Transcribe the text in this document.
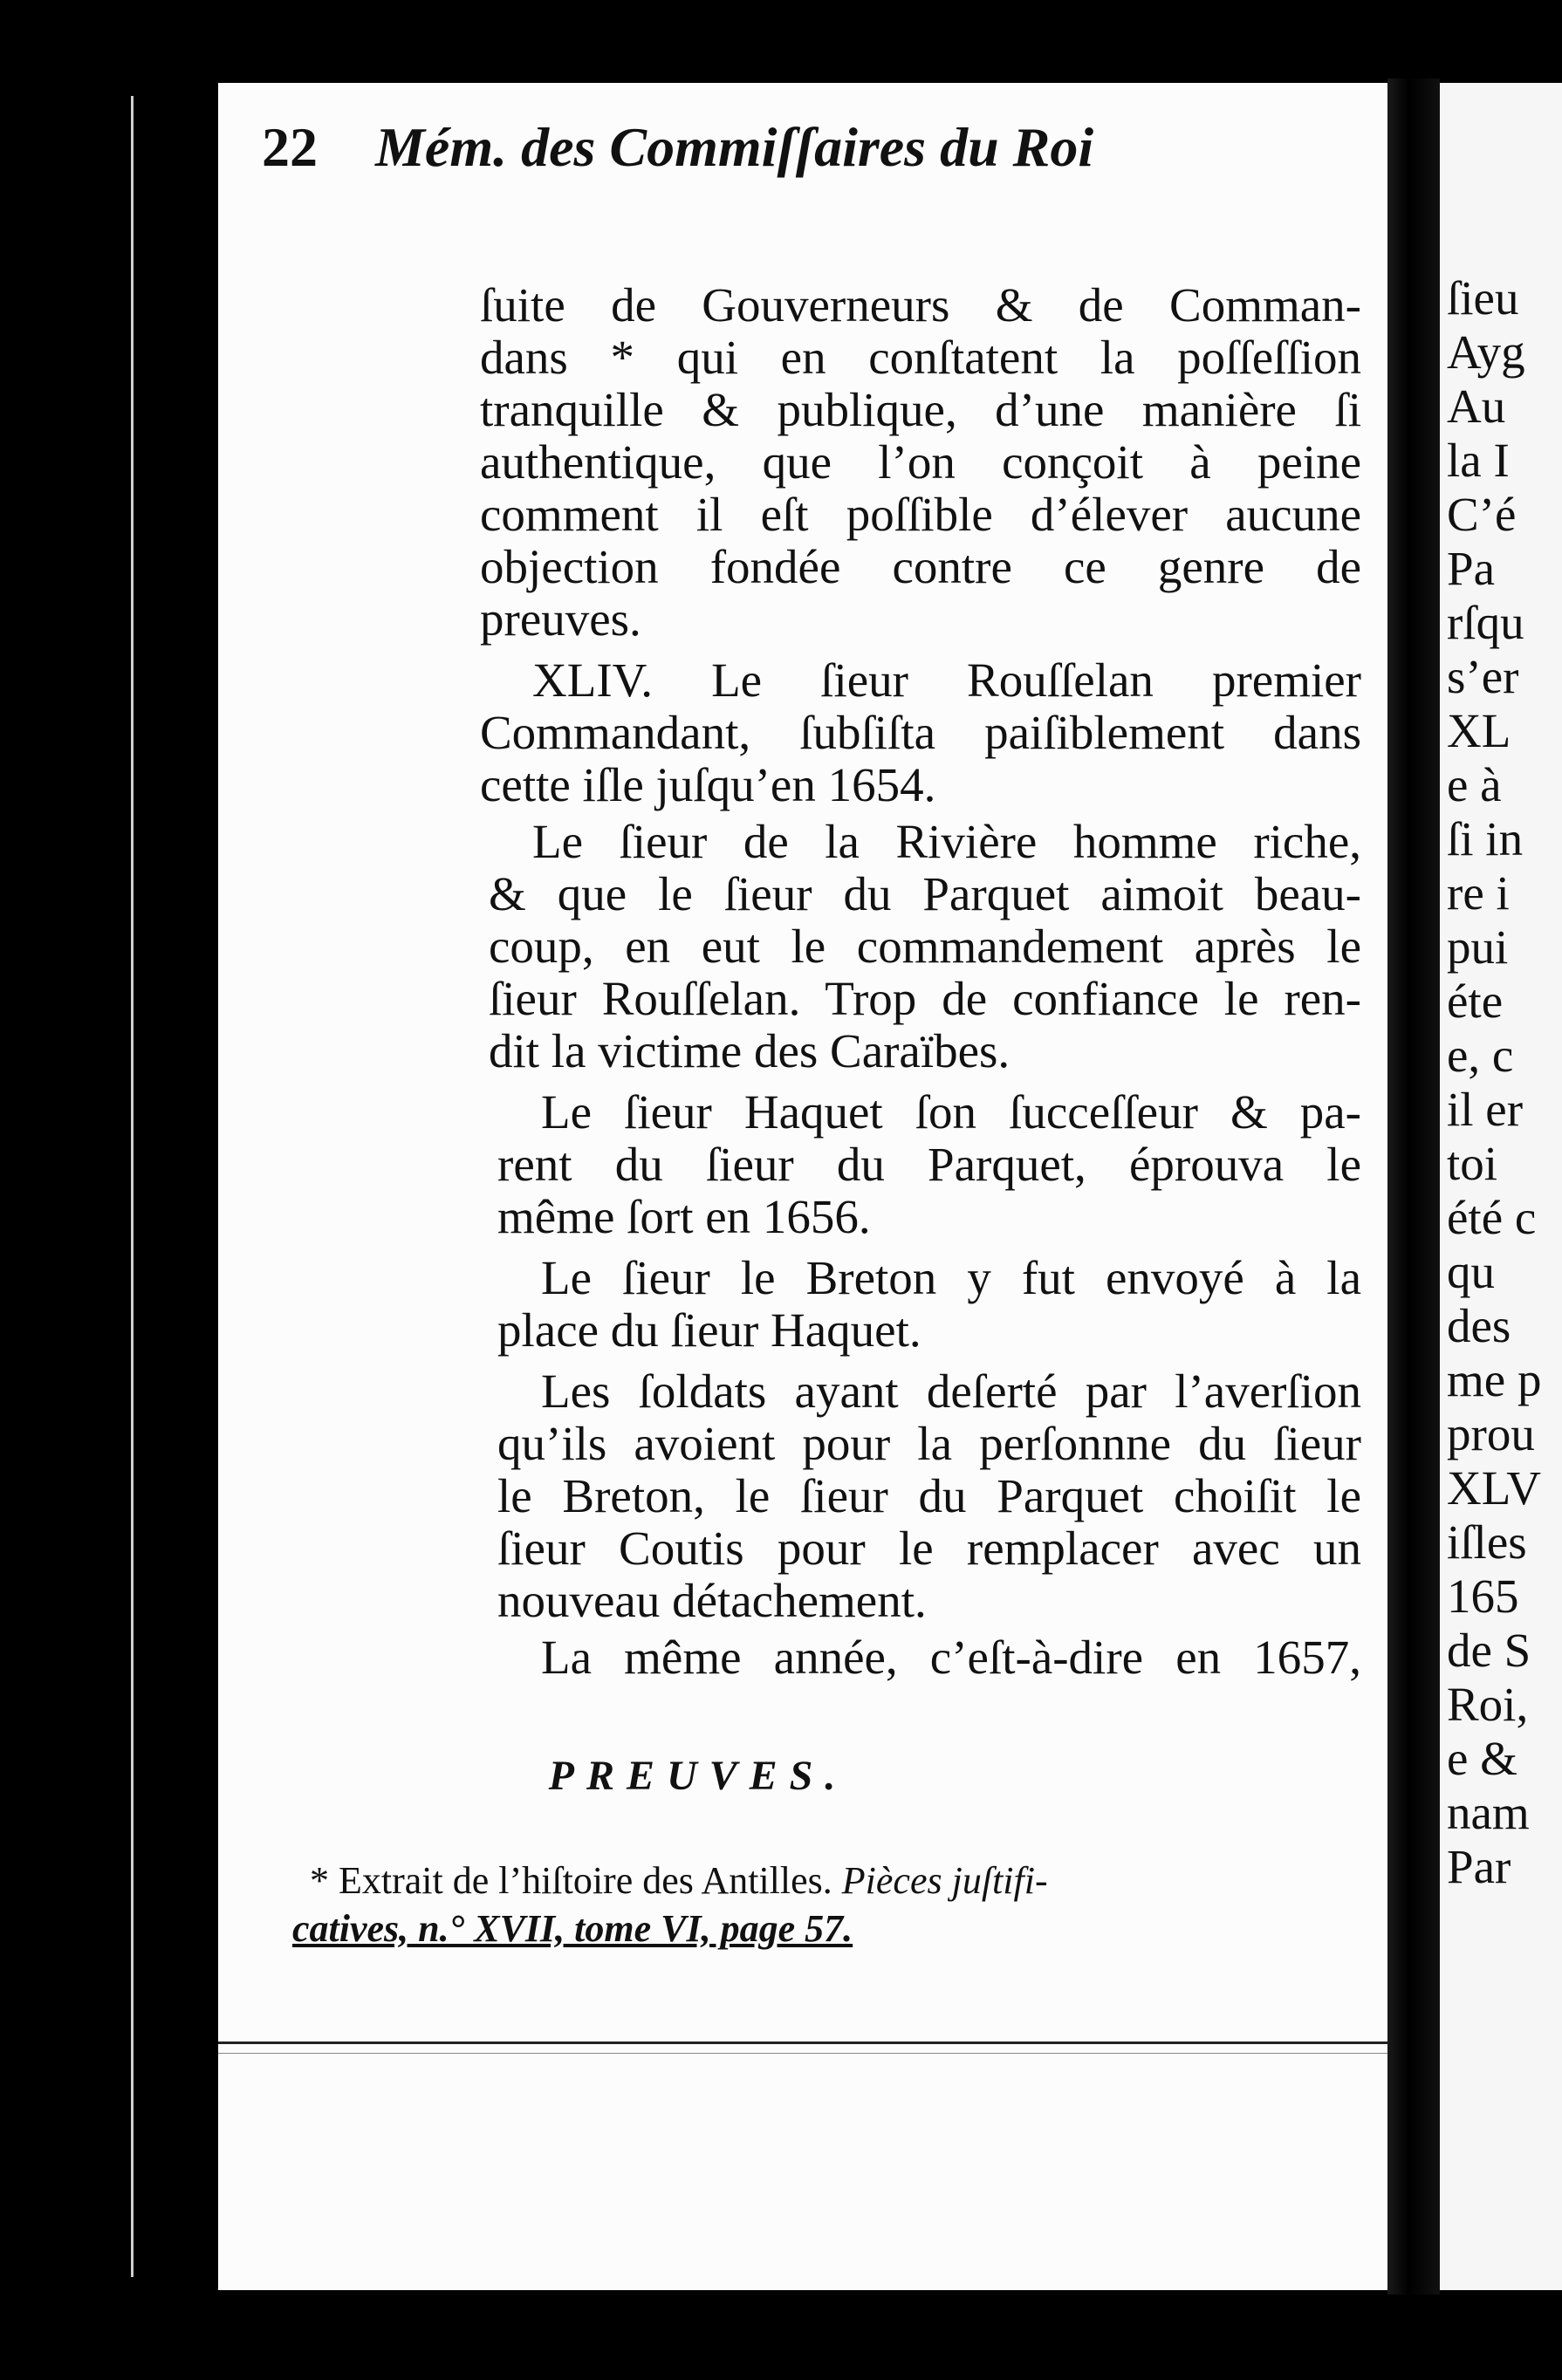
ſieu
Ayg
Au
la I
C’é
Pa
rſqu
s’er
XL
e à
ſi in
re i
pui
éte
e, c
il er
toi
été c
qu
des
me p
prou
XLV
iſles
165
de S
Roi,
e &
nam
Par
22 Mém. des Commiſſaires du Roi
ſuite de Gouverneurs & de Comman-
dans * qui en conſtatent la poſſeſſion
tranquille & publique, d’une manière ſi
authentique, que l’on conçoit à peine
comment il eſt poſſible d’élever aucune
objection fondée contre ce genre de
preuves.
XLIV. Le ſieur Rouſſelan premier
Commandant, ſubſiſta paiſiblement dans
cette iſle juſqu’en 1654.
Le ſieur de la Rivière homme riche,
& que le ſieur du Parquet aimoit beau-
coup, en eut le commandement après le
ſieur Rouſſelan. Trop de confiance le ren-
dit la victime des Caraïbes.
Le ſieur Haquet ſon ſucceſſeur & pa-
rent du ſieur du Parquet, éprouva le
même ſort en 1656.
Le ſieur le Breton y fut envoyé à la
place du ſieur Haquet.
Les ſoldats ayant deſerté par l’averſion
qu’ils avoient pour la perſonnne du ſieur
le Breton, le ſieur du Parquet choiſit le
ſieur Coutis pour le remplacer avec un
nouveau détachement.
La même année, c’eſt-à-dire en 1657,
PREUVES.
* Extrait de l’hiſtoire des Antilles. Pièces juſtifi-
catives, n.° XVII, tome VI, page 57.
